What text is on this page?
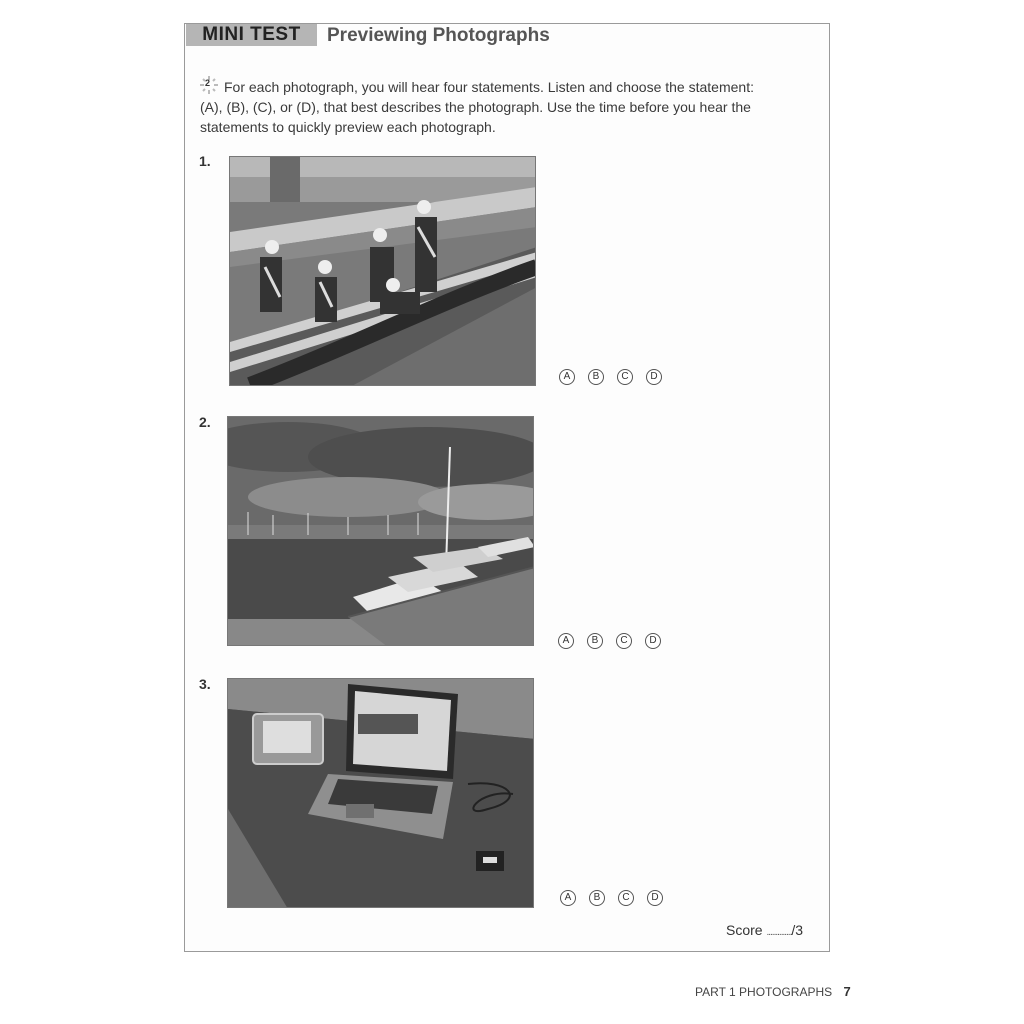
MINI TEST	Previewing Photographs
2 For each photograph, you will hear four statements. Listen and choose the statement: (A), (B), (C), or (D), that best describes the photograph. Use the time before you hear the statements to quickly preview each photograph.
1.
A	B	C	D
2.
A	B	C	D
3.
A	B	C	D
Score ............../3
PART 1 PHOTOGRAPHS 7
